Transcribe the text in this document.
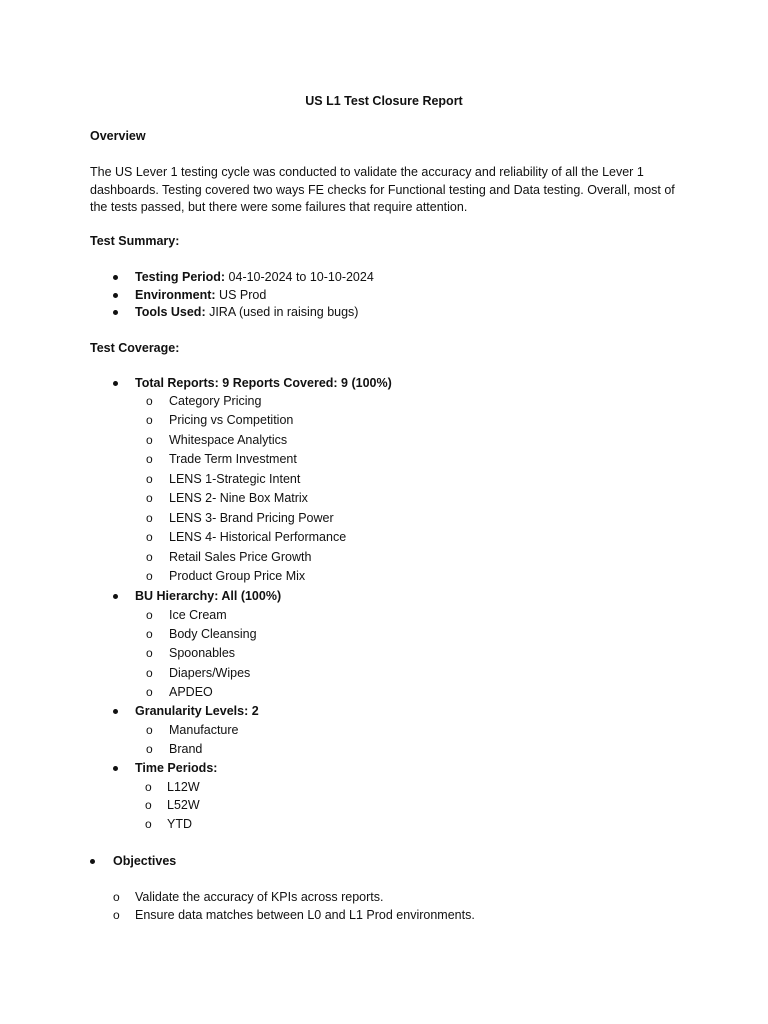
US L1 Test Closure Report
Overview
The US Lever 1 testing cycle was conducted to validate the accuracy and reliability of all the Lever 1 dashboards. Testing covered two ways FE checks for Functional testing and Data testing. Overall, most of the tests passed, but there were some failures that require attention.
Test Summary:
Testing Period: 04-10-2024 to 10-10-2024
Environment: US Prod
Tools Used: JIRA (used in raising bugs)
Test Coverage:
Total Reports: 9 Reports Covered: 9 (100%)
o Category Pricing
o Pricing vs Competition
o Whitespace Analytics
o Trade Term Investment
o LENS 1-Strategic Intent
o LENS 2- Nine Box Matrix
o LENS 3- Brand Pricing Power
o LENS 4- Historical Performance
o Retail Sales Price Growth
o Product Group Price Mix
BU Hierarchy: All (100%)
o Ice Cream
o Body Cleansing
o Spoonables
o Diapers/Wipes
o APDEO
Granularity Levels: 2
o Manufacture
o Brand
Time Periods:
o L12W
o L52W
o YTD
Objectives
o Validate the accuracy of KPIs across reports.
o Ensure data matches between L0 and L1 Prod environments.
